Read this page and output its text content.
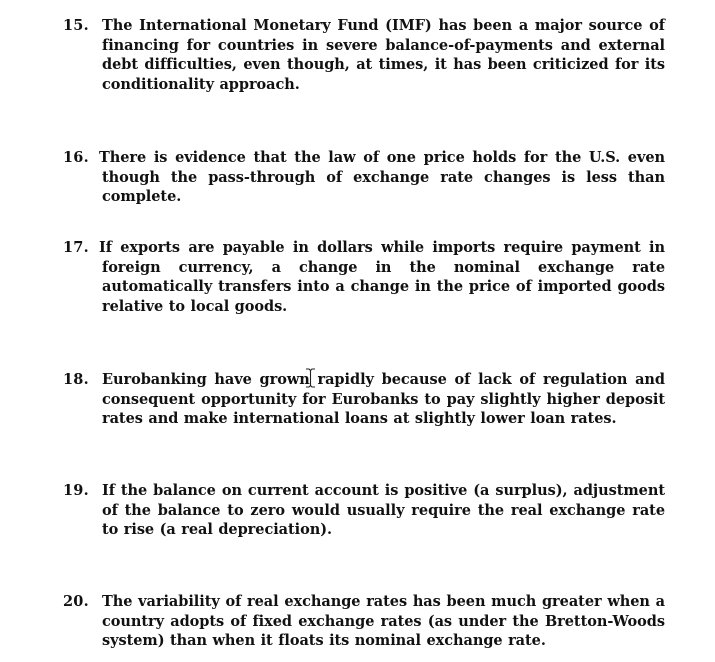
15. The International Monetary Fund (IMF) has been a major source of financing for countries in severe balance-of-payments and external debt difficulties, even though, at times, it has been criticized for its conditionality approach.
16. There is evidence that the law of one price holds for the U.S. even though the pass-through of exchange rate changes is less than complete.
17. If exports are payable in dollars while imports require payment in foreign currency, a change in the nominal exchange rate automatically transfers into a change in the price of imported goods relative to local goods.
18. Eurobanking have grown rapidly because of lack of regulation and consequent opportunity for Eurobanks to pay slightly higher deposit rates and make international loans at slightly lower loan rates.
19. If the balance on current account is positive (a surplus), adjustment of the balance to zero would usually require the real exchange rate to rise (a real depreciation).
20. The variability of real exchange rates has been much greater when a country adopts of fixed exchange rates (as under the Bretton-Woods system) than when it floats its nominal exchange rate.
